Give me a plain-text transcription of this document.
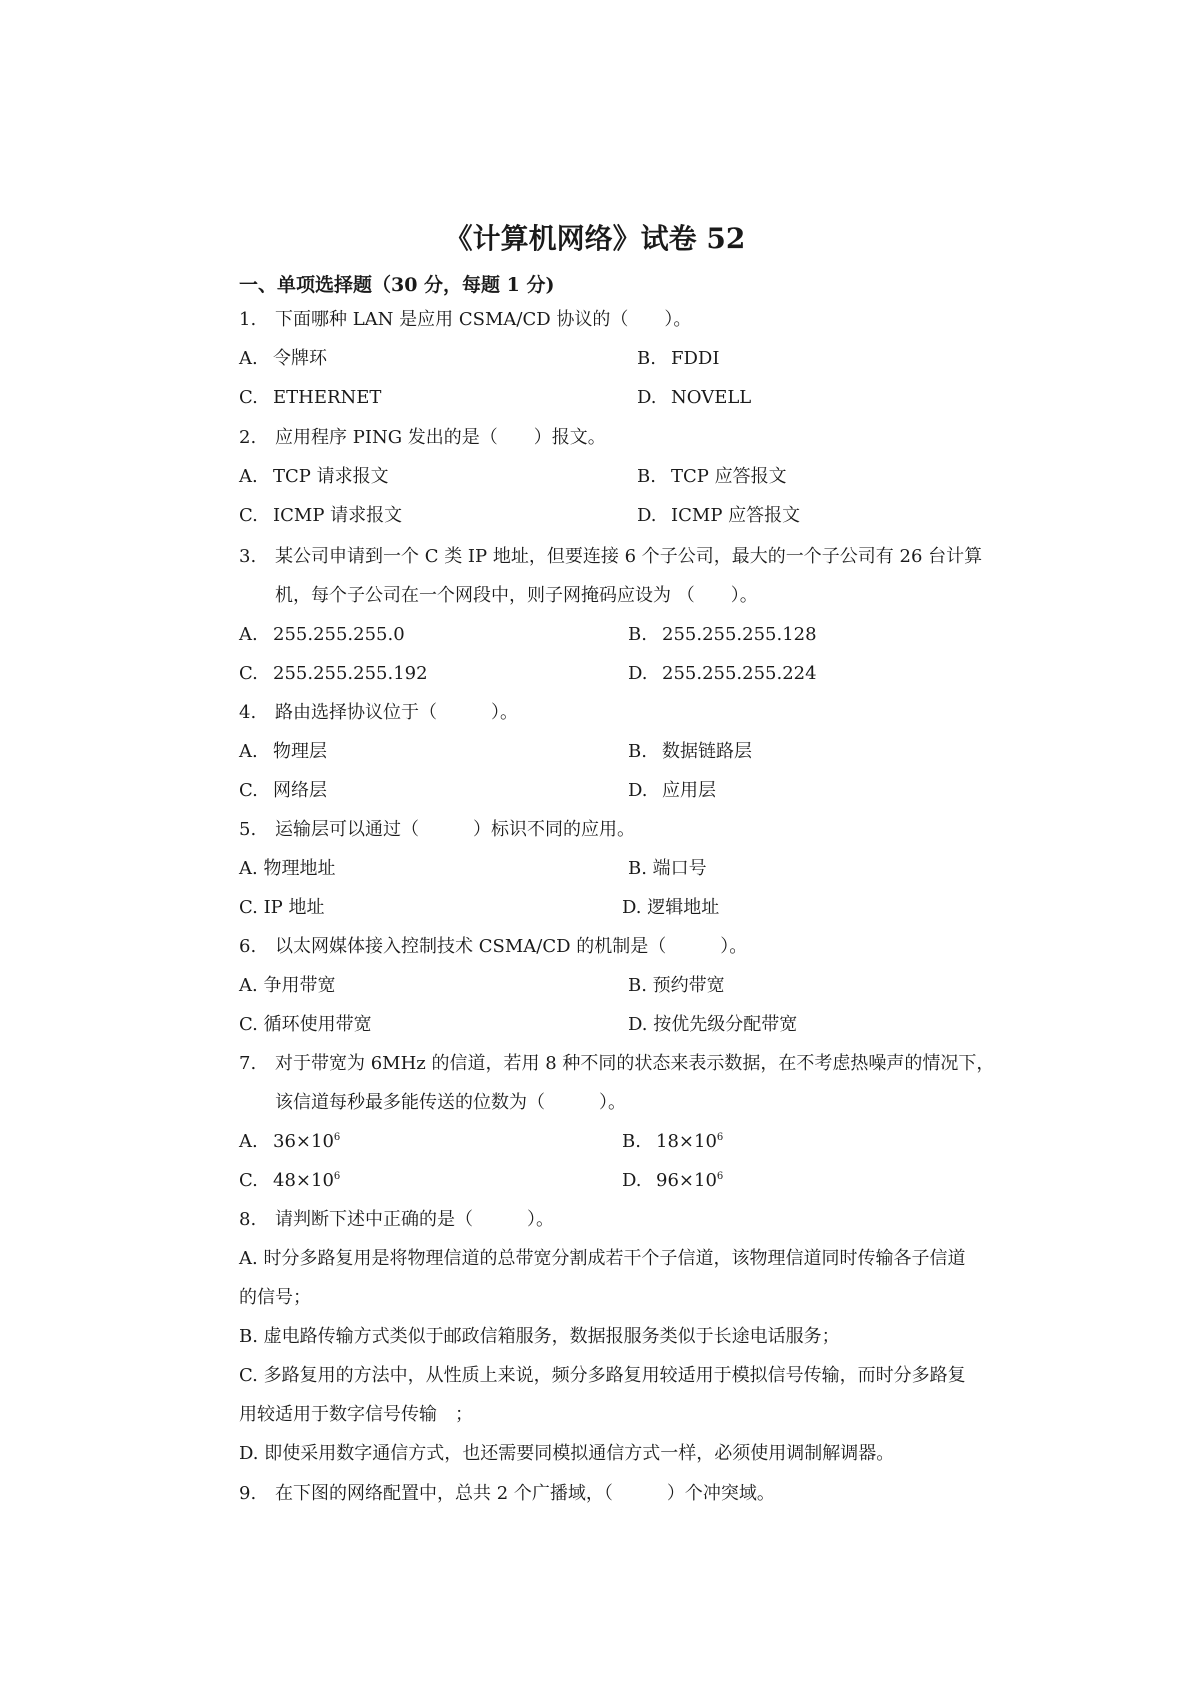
《计算机网络》试卷 52
一、单项选择题（30 分，每题 1 分)
1. 下面哪种 LAN 是应用 CSMA/CD 协议的（　　）。
A. 令牌环	B. FDDI
C. ETHERNET	D. NOVELL
2. 应用程序 PING 发出的是（　　）报文。
A. TCP 请求报文	B. TCP 应答报文
C. ICMP 请求报文	D. ICMP 应答报文
3. 某公司申请到一个 C 类 IP 地址，但要连接 6 个子公司，最大的一个子公司有 26 台计算
机，每个子公司在一个网段中，则子网掩码应设为 （　　）。
A. 255.255.255.0	B. 255.255.255.128
C. 255.255.255.192	D. 255.255.255.224
4. 路由选择协议位于（　　　）。
A. 物理层	B. 数据链路层
C. 网络层	D. 应用层
5. 运输层可以通过（　　　）标识不同的应用。
A. 物理地址	B. 端口号
C. IP 地址	D. 逻辑地址
6. 以太网媒体接入控制技术 CSMA/CD 的机制是（　　　）。
A. 争用带宽	B. 预约带宽
C. 循环使用带宽	D. 按优先级分配带宽
7. 对于带宽为 6MHz 的信道，若用 8 种不同的状态来表示数据，在不考虑热噪声的情况下，
该信道每秒最多能传送的位数为（　　　）。
A. $36\times 10^6$	B. $18\times 10^6$
C. $48\times 10^6$	D. $96\times 10^6$
8. 请判断下述中正确的是（　　　）。
A. 时分多路复用是将物理信道的总带宽分割成若干个子信道，该物理信道同时传输各子信道
的信号；
B. 虚电路传输方式类似于邮政信箱服务，数据报服务类似于长途电话服务；
C. 多路复用的方法中，从性质上来说，频分多路复用较适用于模拟信号传输，而时分多路复
用较适用于数字信号传输　；
D. 即使采用数字通信方式，也还需要同模拟通信方式一样，必须使用调制解调器。
9. 在下图的网络配置中，总共 2 个广播域，（　　　）个冲突域。
